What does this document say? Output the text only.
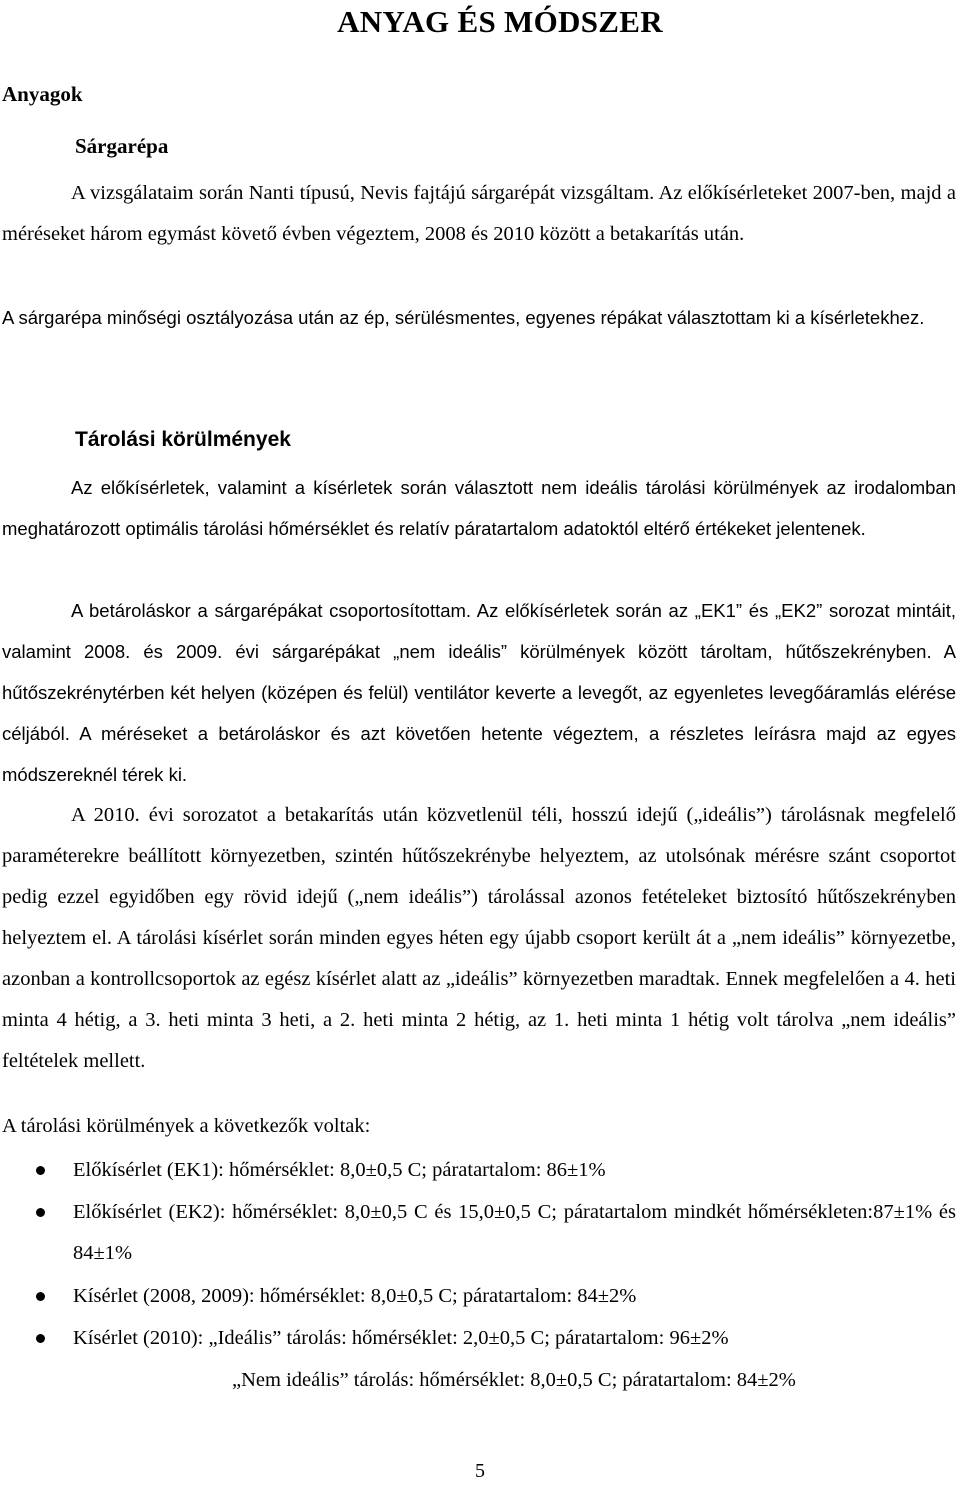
ANYAG ÉS MÓDSZER
Anyagok
Sárgarépa
A vizsgálataim során Nanti típusú, Nevis fajtájú sárgarépát vizsgáltam. Az előkísérleteket 2007-ben, majd a méréseket három egymást követő évben végeztem, 2008 és 2010 között a betakarítás után.
A sárgarépa minőségi osztályozása után az ép, sérülésmentes, egyenes répákat választottam ki a kísérletekhez.
Tárolási körülmények
Az előkísérletek, valamint a kísérletek során választott nem ideális tárolási körülmények az irodalomban meghatározott optimális tárolási hőmérséklet és relatív páratartalom adatoktól eltérő értékeket jelentenek.
A betároláskor a sárgarépákat csoportosítottam. Az előkísérletek során az „EK1” és „EK2” sorozat mintáit, valamint 2008. és 2009. évi sárgarépákat „nem ideális” körülmények között tároltam, hűtőszekrényben. A hűtőszekrénytérben két helyen (középen és felül) ventilátor keverte a levegőt, az egyenletes levegőáramlás elérése céljából. A méréseket a betároláskor és azt követően hetente végeztem, a részletes leírásra majd az egyes módszereknél térek ki.
A 2010. évi sorozatot a betakarítás után közvetlenül téli, hosszú idejű („ideális”) tárolásnak megfelelő paraméterekre beállított környezetben, szintén hűtőszekrénybe helyeztem, az utolsónak mérésre szánt csoportot pedig ezzel egyidőben egy rövid idejű („nem ideális”) tárolással azonos fetételeket biztosító hűtőszekrényben helyeztem el. A tárolási kísérlet során minden egyes héten egy újabb csoport került át a „nem ideális” környezetbe, azonban a kontrollcsoportok az egész kísérlet alatt az „ideális” környezetben maradtak. Ennek megfelelően a 4. heti minta 4 hétig, a 3. heti minta 3 heti, a 2. heti minta 2 hétig, az 1. heti minta 1 hétig volt tárolva „nem ideális” feltételek mellett.
A tárolási körülmények a következők voltak:
Előkísérlet (EK1): hőmérséklet: 8,0±0,5 C; páratartalom: 86±1%
Előkísérlet (EK2): hőmérséklet: 8,0±0,5 C és 15,0±0,5 C; páratartalom mindkét hőmérsékleten:87±1% és 84±1%
Kísérlet (2008, 2009): hőmérséklet: 8,0±0,5 C; páratartalom: 84±2%
Kísérlet (2010): „Ideális” tárolás: hőmérséklet: 2,0±0,5 C; páratartalom: 96±2%
„Nem ideális” tárolás: hőmérséklet: 8,0±0,5 C; páratartalom: 84±2%
5
